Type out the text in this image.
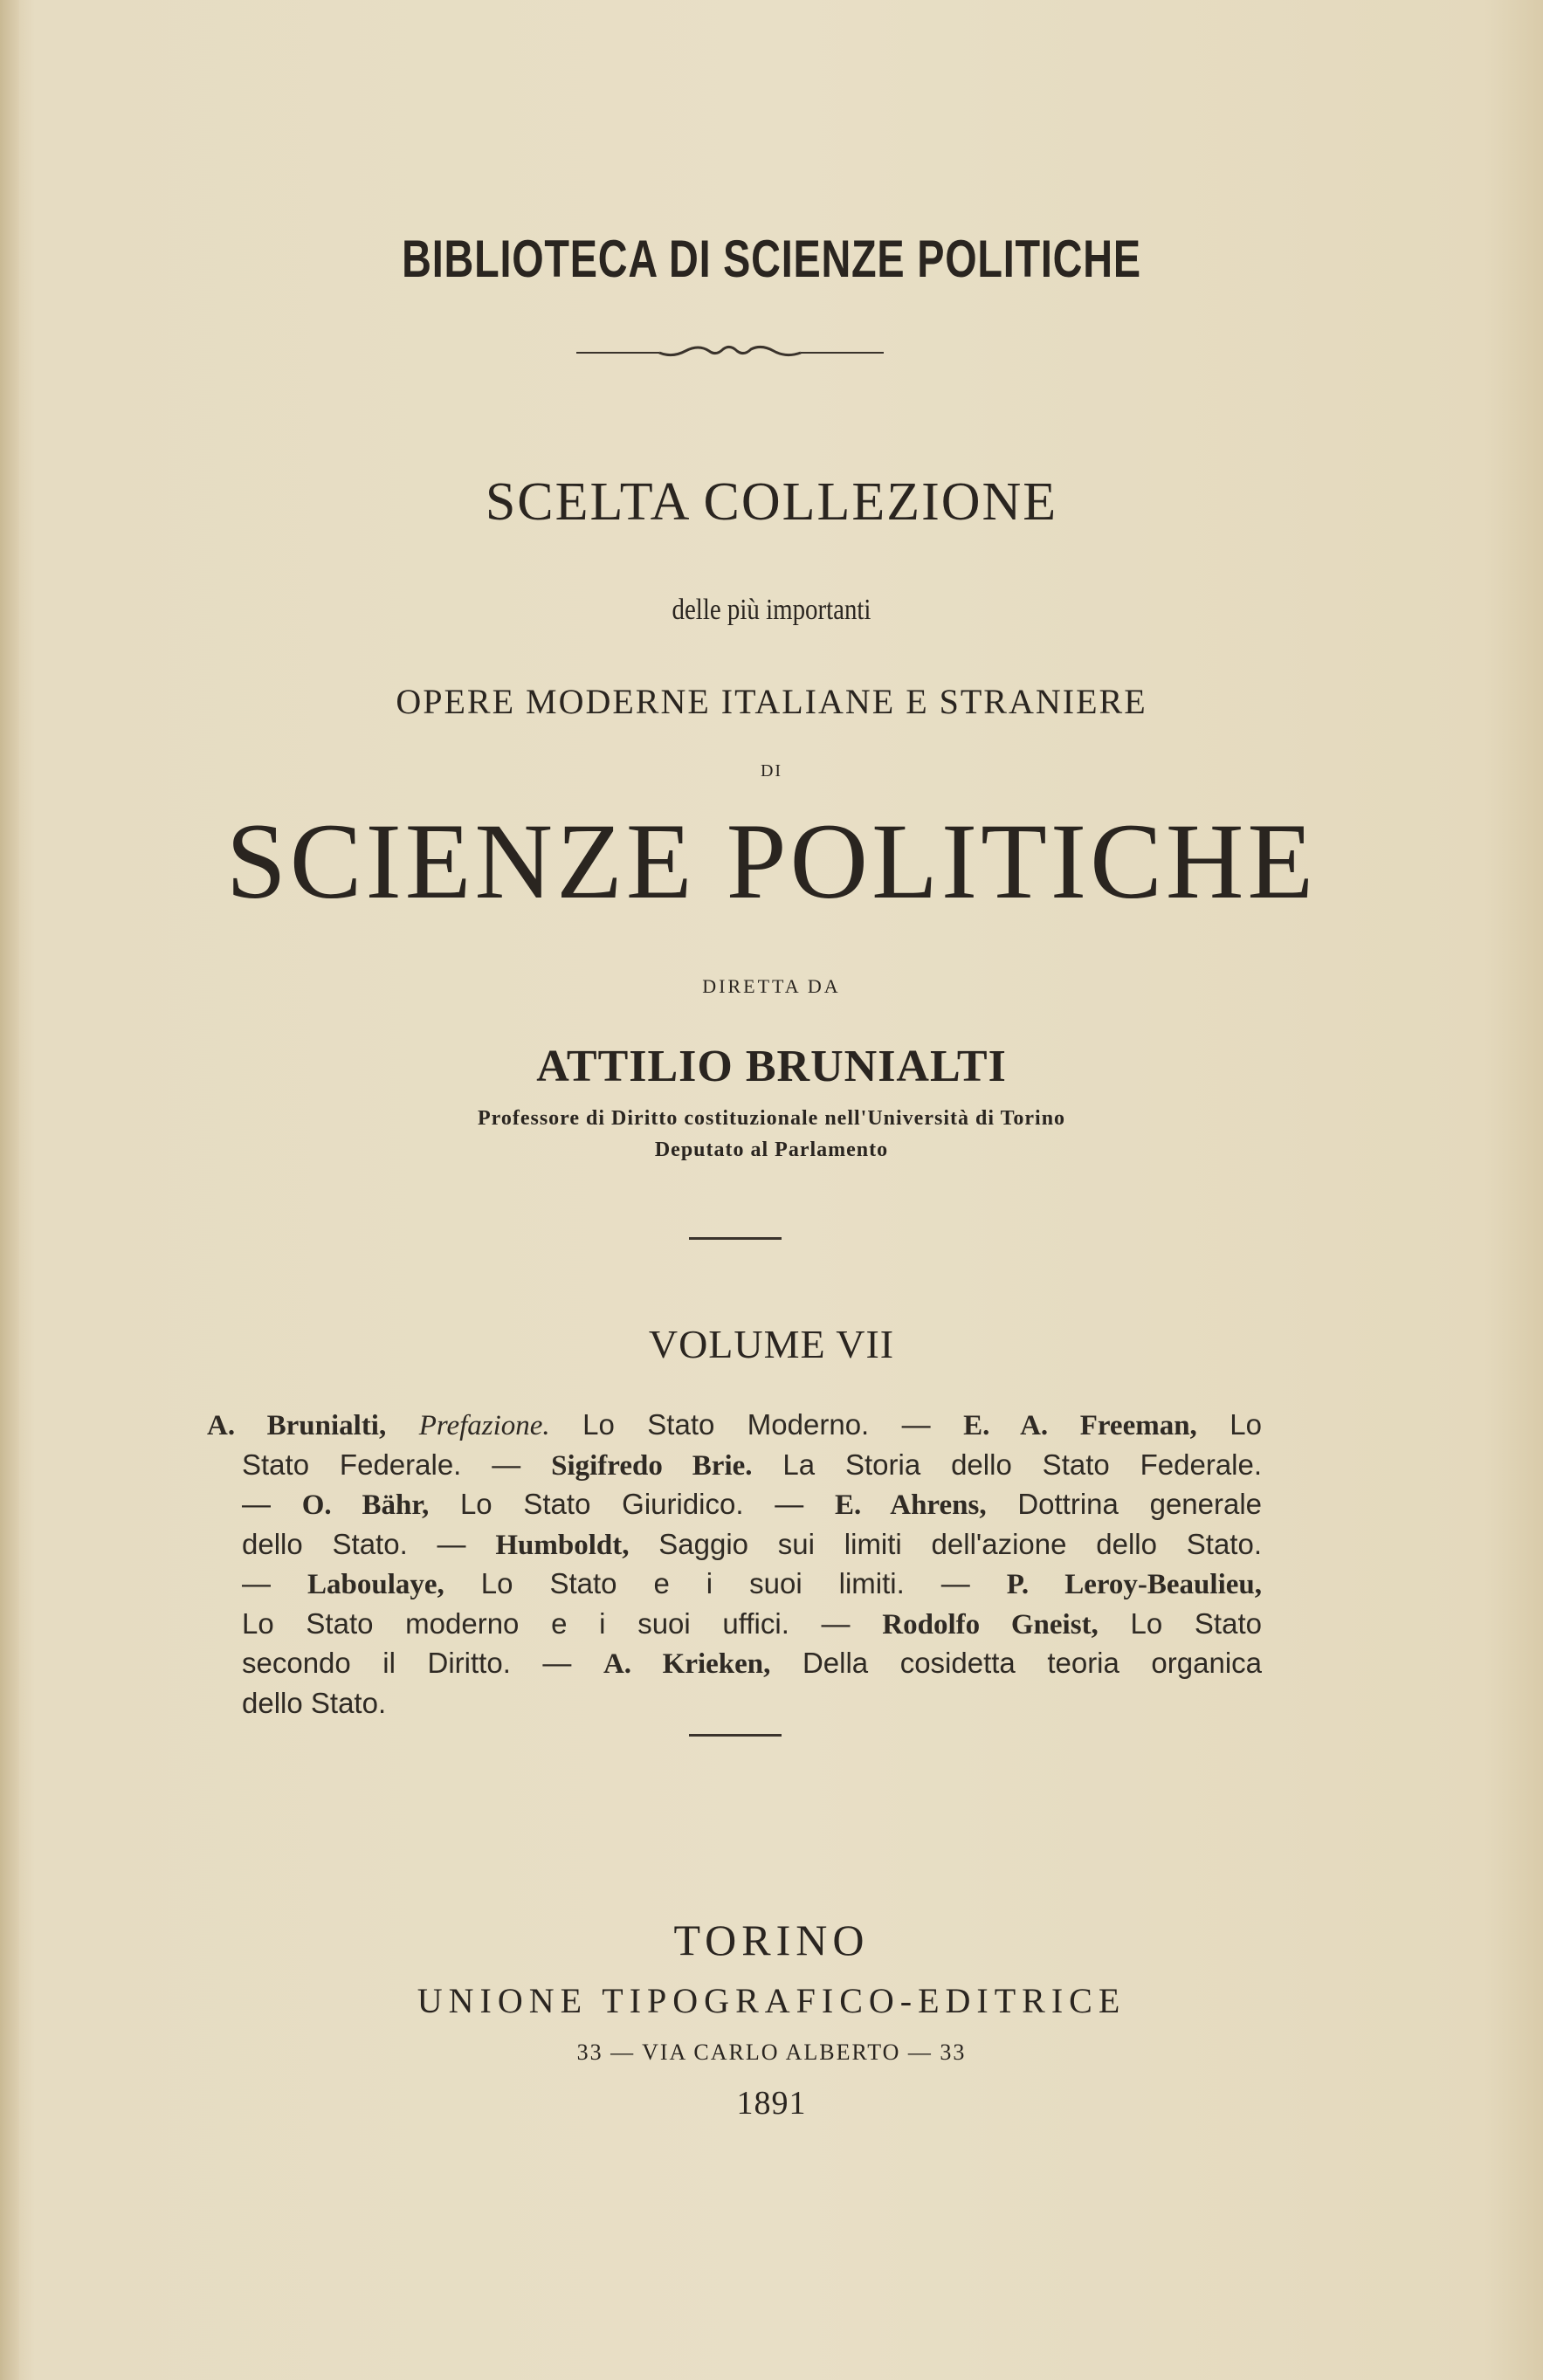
BIBLIOTECA DI SCIENZE POLITICHE
SCELTA COLLEZIONE
delle più importanti
OPERE MODERNE ITALIANE E STRANIERE
DI
SCIENZE POLITICHE
DIRETTA DA
ATTILIO BRUNIALTI
Professore di Diritto costituzionale nell'Università di Torino
Deputato al Parlamento
VOLUME VII
A. Brunialti, Prefazione. Lo Stato Moderno. — E. A. Freeman, Lo
Stato Federale. — Sigifredo Brie. La Storia dello Stato Federale.
— O. Bähr, Lo Stato Giuridico. — E. Ahrens, Dottrina generale
dello Stato. — Humboldt, Saggio sui limiti dell'azione dello Stato.
— Laboulaye, Lo Stato e i suoi limiti. — P. Leroy-Beaulieu,
Lo Stato moderno e i suoi uffici. — Rodolfo Gneist, Lo Stato
secondo il Diritto. — A. Krieken, Della cosidetta teoria organica
dello Stato.
TORINO
UNIONE TIPOGRAFICO-EDITRICE
33 — VIA CARLO ALBERTO — 33
1891
